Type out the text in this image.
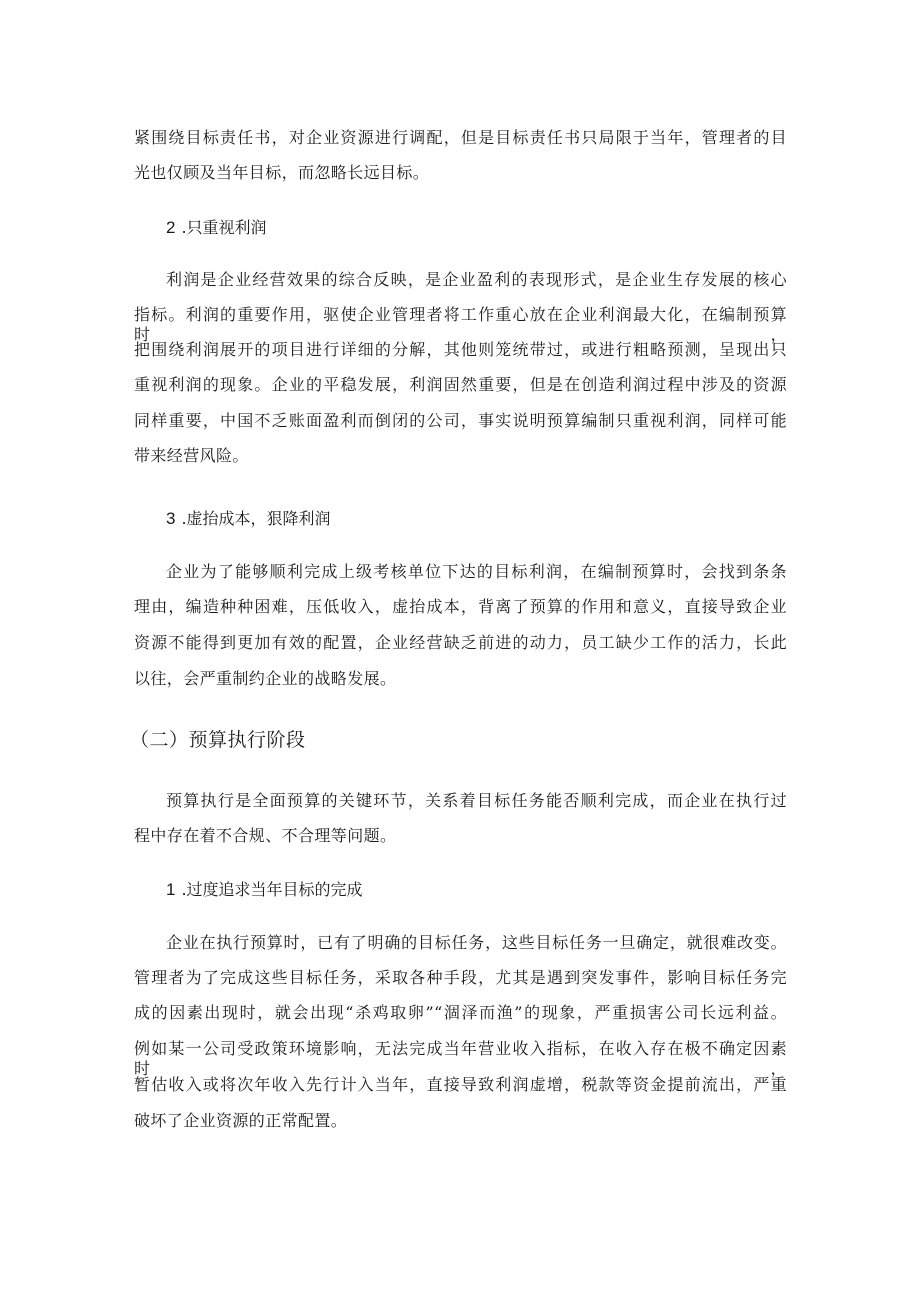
紧围绕目标责任书，对企业资源进行调配，但是目标责任书只局限于当年，管理者的目
光也仅顾及当年目标，而忽略长远目标。
2 .只重视利润
利润是企业经营效果的综合反映，是企业盈利的表现形式，是企业生存发展的核心
指标。利润的重要作用，驱使企业管理者将工作重心放在企业利润最大化，在编制预算时，
把围绕利润展开的项目进行详细的分解，其他则笼统带过，或进行粗略预测，呈现出只
重视利润的现象。企业的平稳发展，利润固然重要，但是在创造利润过程中涉及的资源
同样重要，中国不乏账面盈利而倒闭的公司，事实说明预算编制只重视利润，同样可能
带来经营风险。
3 .虚抬成本，狠降利润
企业为了能够顺利完成上级考核单位下达的目标利润，在编制预算时，会找到条条
理由，编造种种困难，压低收入，虚抬成本，背离了预算的作用和意义，直接导致企业
资源不能得到更加有效的配置，企业经营缺乏前进的动力，员工缺少工作的活力，长此
以往，会严重制约企业的战略发展。
（二）预算执行阶段
预算执行是全面预算的关键环节，关系着目标任务能否顺利完成，而企业在执行过
程中存在着不合规、不合理等问题。
1 .过度追求当年目标的完成
企业在执行预算时，已有了明确的目标任务，这些目标任务一旦确定，就很难改变。
管理者为了完成这些目标任务，采取各种手段，尤其是遇到突发事件，影响目标任务完
成的因素出现时，就会出现“杀鸡取卵”“涸泽而渔”的现象，严重损害公司长远利益。
例如某一公司受政策环境影响，无法完成当年营业收入指标，在收入存在极不确定因素时，
暂估收入或将次年收入先行计入当年，直接导致利润虚增，税款等资金提前流出，严重
破坏了企业资源的正常配置。
